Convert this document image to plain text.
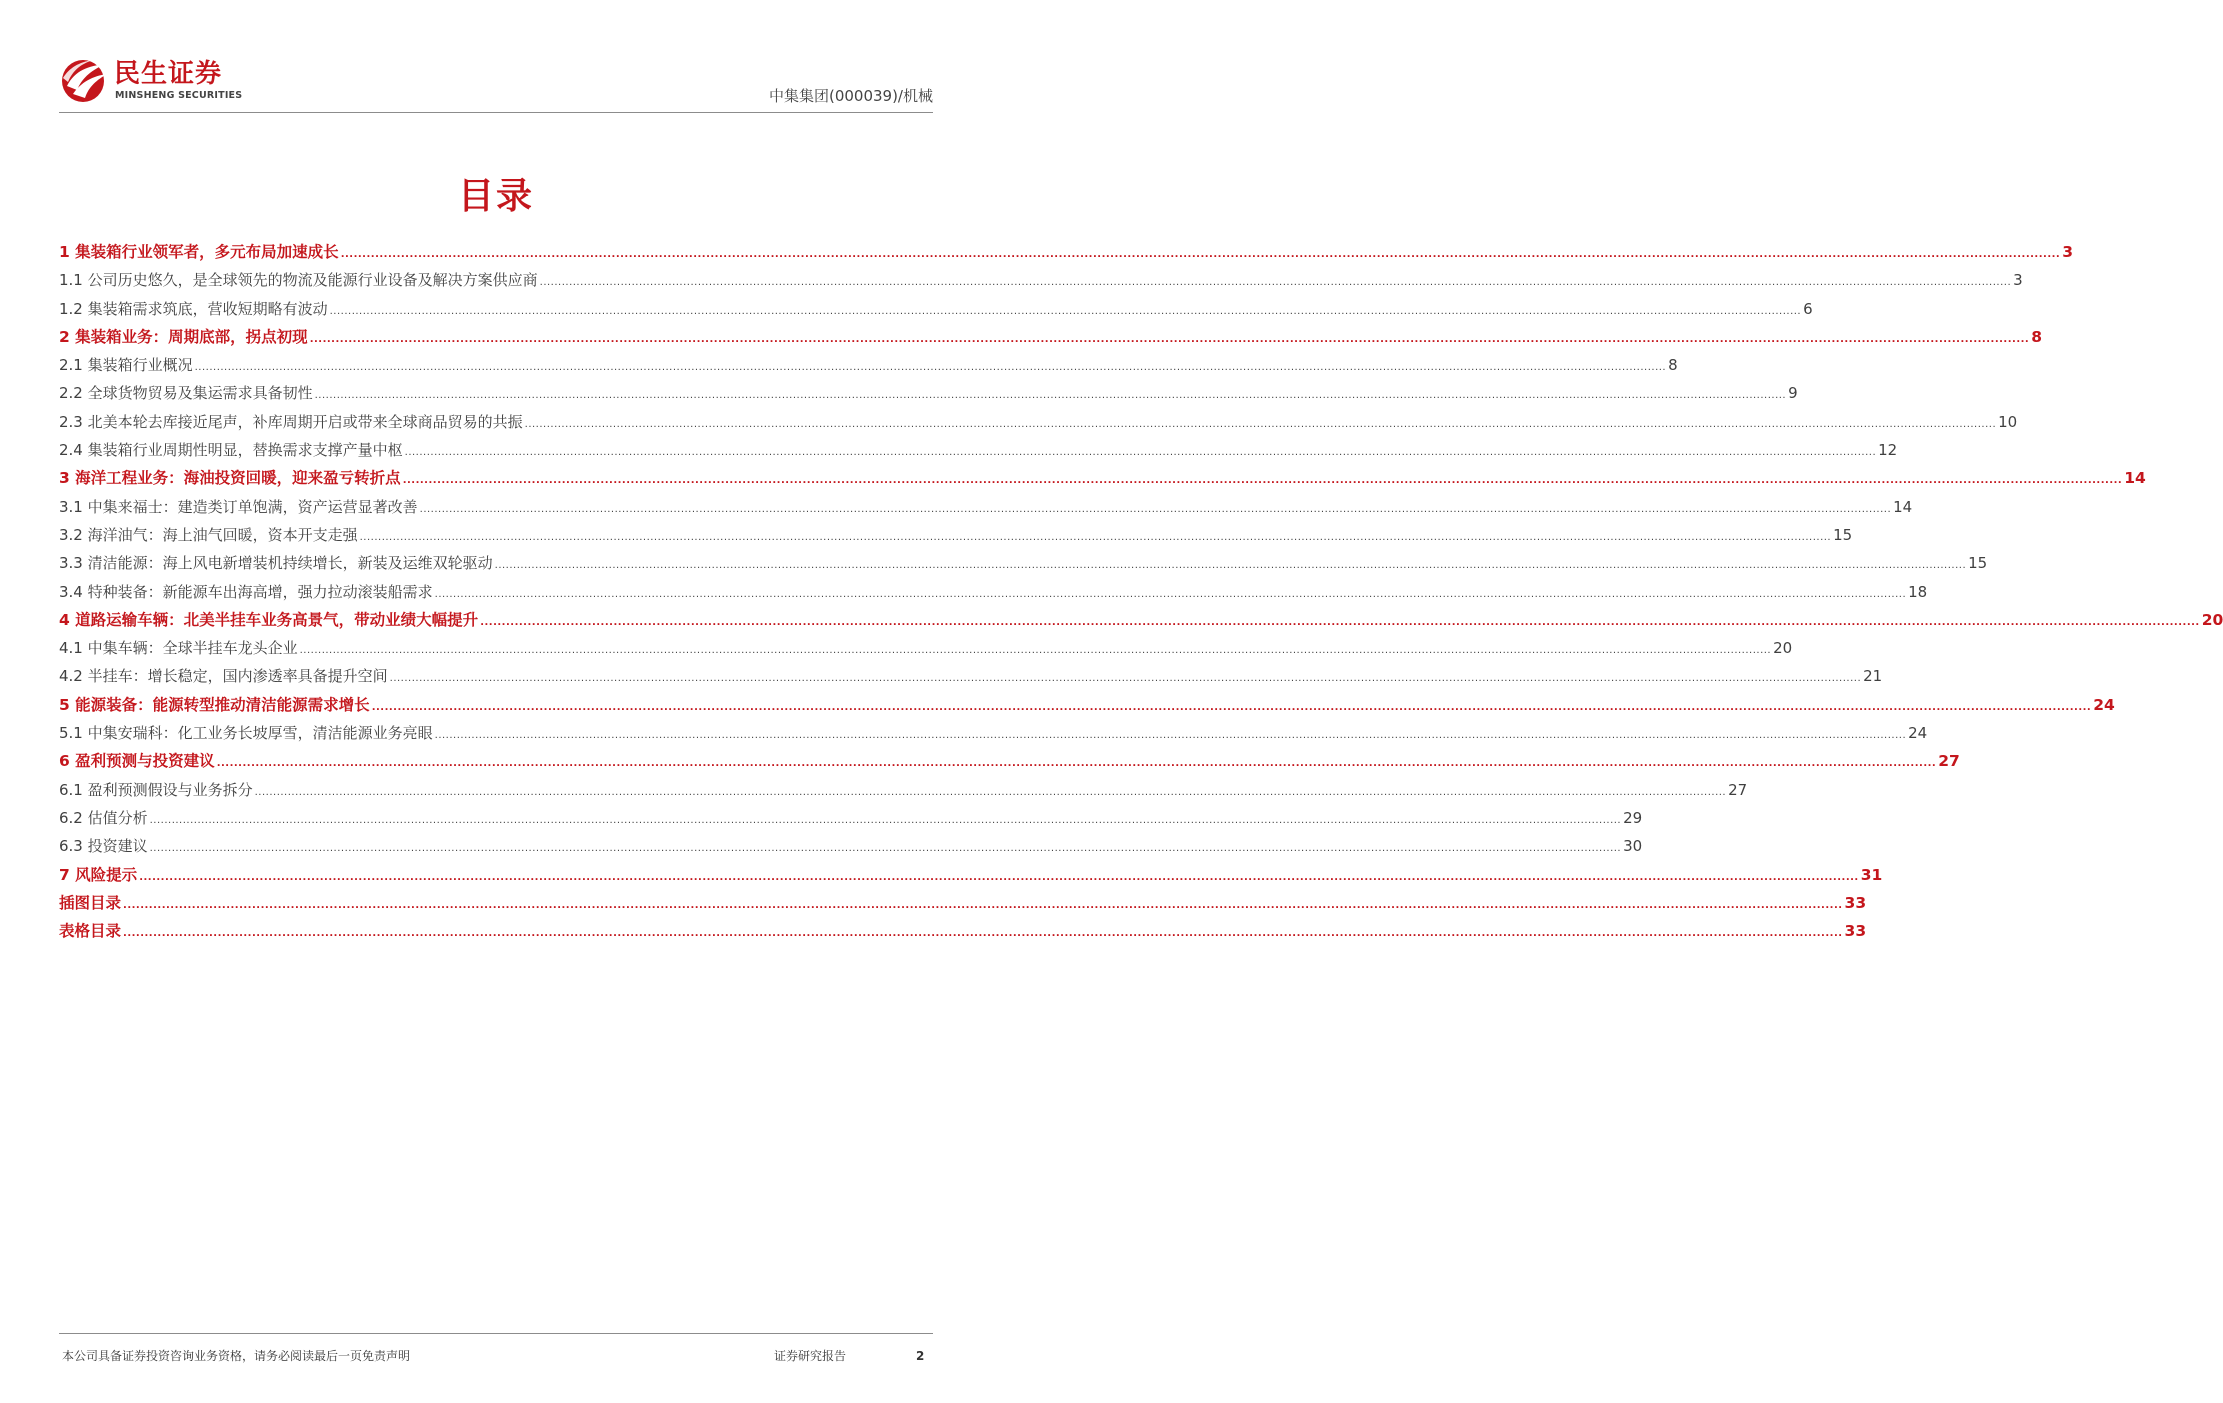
民生证券
MINSHENG SECURITIES	中集集团(000039)/机械
目录
1 集装箱行业领军者，多元布局加速成长 ................................................................................................................................................................................................................................................................................................................................................................................................................ 3
1.1 公司历史悠久，是全球领先的物流及能源行业设备及解决方案供应商 ................................................................................................................................................................................................................................................................................................................................................................................................................ 3
1.2 集装箱需求筑底，营收短期略有波动 ................................................................................................................................................................................................................................................................................................................................................................................................................ 6
2 集装箱业务：周期底部，拐点初现 ................................................................................................................................................................................................................................................................................................................................................................................................................ 8
2.1 集装箱行业概况 ................................................................................................................................................................................................................................................................................................................................................................................................................ 8
2.2 全球货物贸易及集运需求具备韧性 ................................................................................................................................................................................................................................................................................................................................................................................................................ 9
2.3 北美本轮去库接近尾声，补库周期开启或带来全球商品贸易的共振 ................................................................................................................................................................................................................................................................................................................................................................................................................ 10
2.4 集装箱行业周期性明显，替换需求支撑产量中枢 ................................................................................................................................................................................................................................................................................................................................................................................................................ 12
3 海洋工程业务：海油投资回暖，迎来盈亏转折点 ................................................................................................................................................................................................................................................................................................................................................................................................................ 14
3.1 中集来福士：建造类订单饱满，资产运营显著改善 ................................................................................................................................................................................................................................................................................................................................................................................................................ 14
3.2 海洋油气：海上油气回暖，资本开支走强 ................................................................................................................................................................................................................................................................................................................................................................................................................ 15
3.3 清洁能源：海上风电新增装机持续增长，新装及运维双轮驱动 ................................................................................................................................................................................................................................................................................................................................................................................................................ 15
3.4 特种装备：新能源车出海高增，强力拉动滚装船需求 ................................................................................................................................................................................................................................................................................................................................................................................................................ 18
4 道路运输车辆：北美半挂车业务高景气，带动业绩大幅提升 ................................................................................................................................................................................................................................................................................................................................................................................................................ 20
4.1 中集车辆：全球半挂车龙头企业 ................................................................................................................................................................................................................................................................................................................................................................................................................ 20
4.2 半挂车：增长稳定，国内渗透率具备提升空间 ................................................................................................................................................................................................................................................................................................................................................................................................................ 21
5 能源装备：能源转型推动清洁能源需求增长 ................................................................................................................................................................................................................................................................................................................................................................................................................ 24
5.1 中集安瑞科：化工业务长坡厚雪，清洁能源业务亮眼 ................................................................................................................................................................................................................................................................................................................................................................................................................ 24
6 盈利预测与投资建议 ................................................................................................................................................................................................................................................................................................................................................................................................................ 27
6.1 盈利预测假设与业务拆分 ................................................................................................................................................................................................................................................................................................................................................................................................................ 27
6.2 估值分析 ................................................................................................................................................................................................................................................................................................................................................................................................................ 29
6.3 投资建议 ................................................................................................................................................................................................................................................................................................................................................................................................................ 30
7 风险提示 ................................................................................................................................................................................................................................................................................................................................................................................................................ 31
插图目录 ................................................................................................................................................................................................................................................................................................................................................................................................................ 33
表格目录 ................................................................................................................................................................................................................................................................................................................................................................................................................ 33
本公司具备证券投资咨询业务资格，请务必阅读最后一页免责声明	证券研究报告	2
